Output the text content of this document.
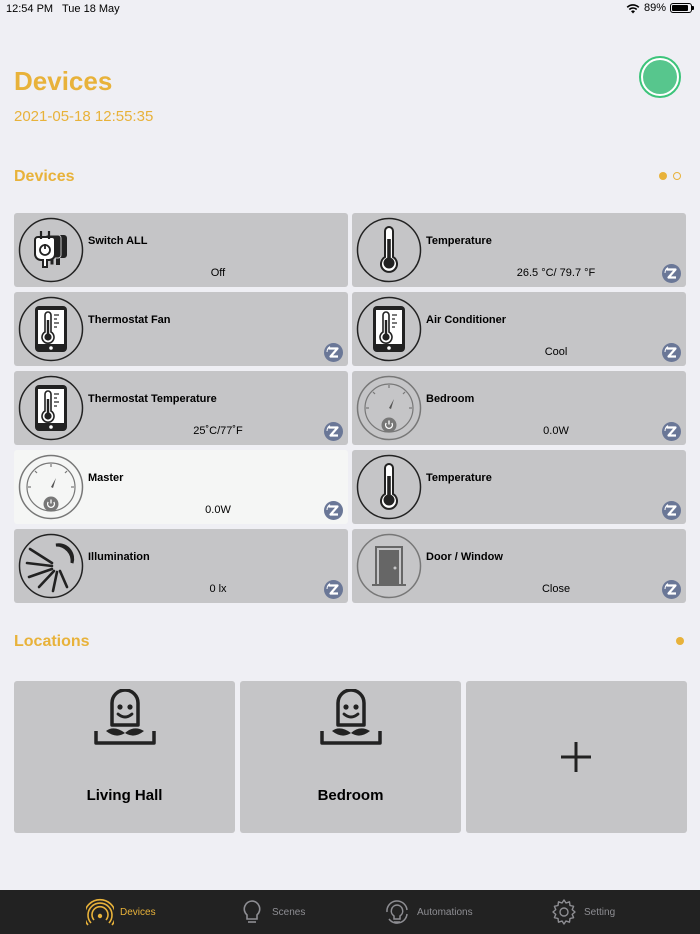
12:54 PM Tue 18 May	89%
Devices
2021-05-18 12:55:35
Devices
Switch ALL
Off
Temperature
26.5 °C/ 79.7 °F
Thermostat Fan	Air Conditioner
Cool
Thermostat Temperature
25˚C/77˚F
Bedroom
0.0W
Master
0.0W
Temperature
Illumination
0 lx
Door / Window
Close
Locations
Living Hall	Bedroom
Devices	Scenes	Automations	Setting
